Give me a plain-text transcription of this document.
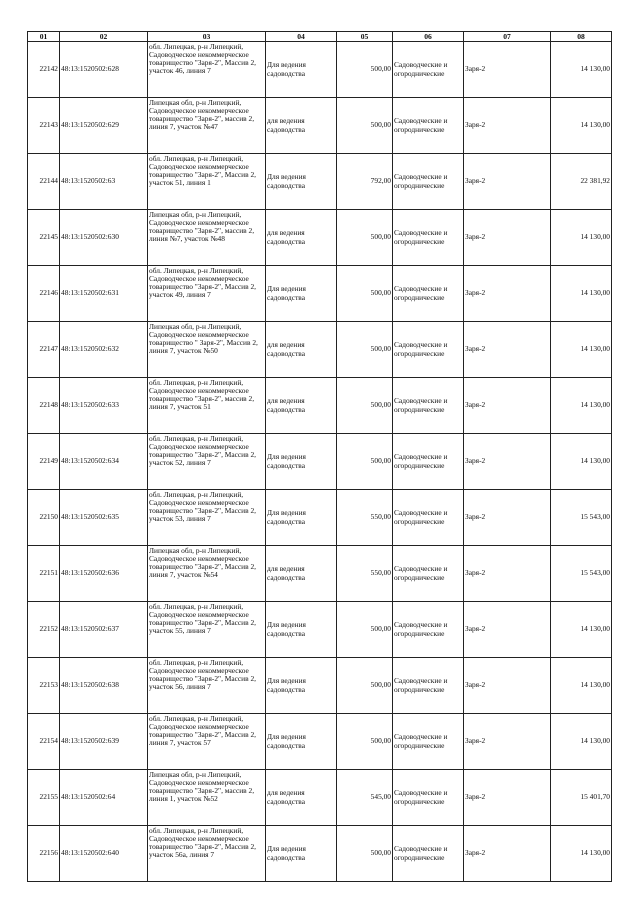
01	02	03	04	05	06	07	08
22142	48:13:1520502:628	обл. Липецкая, р-н Липецкий, Садоводческое некоммерческое товарищество "Заря-2", Массив 2, участок 46, линия 7	Для ведения садоводства	500,00	Садоводческие и огороднические	Заря-2	14 130,00
22143	48:13:1520502:629	Липецкая обл, р-н Липецкий, Садоводческое некоммерческое товарищество "Заря-2", массив 2, линия 7, участок №47	для ведения садоводства	500,00	Садоводческие и огороднические	Заря-2	14 130,00
22144	48:13:1520502:63	обл. Липецкая, р-н Липецкий, Садоводческое некоммерческое товарищество "Заря-2", Массив 2, участок 51, линия 1	Для ведения садоводства	792,00	Садоводческие и огороднические	Заря-2	22 381,92
22145	48:13:1520502:630	Липецкая обл, р-н Липецкий, Садоводческое некоммерческое товарищество "Заря-2", массив 2, линия №7, участок №48	для ведения садоводства	500,00	Садоводческие и огороднические	Заря-2	14 130,00
22146	48:13:1520502:631	обл. Липецкая, р-н Липецкий, Садоводческое некоммерческое товарищество "Заря-2", Массив 2, участок 49, линия 7	Для ведения садоводства	500,00	Садоводческие и огороднические	Заря-2	14 130,00
22147	48:13:1520502:632	Липецкая обл, р-н Липецкий, Садоводческое некоммерческое товарищество " Заря-2", Массив 2, линия 7, участок №50	для ведения садоводства	500,00	Садоводческие и огороднические	Заря-2	14 130,00
22148	48:13:1520502:633	обл. Липецкая, р-н Липецкий, Садоводческое некоммерческое товарищество "Заря-2", массив 2, линия 7, участок 51	для ведения садоводства	500,00	Садоводческие и огороднические	Заря-2	14 130,00
22149	48:13:1520502:634	обл. Липецкая, р-н Липецкий, Садоводческое некоммерческое товарищество "Заря-2", Массив 2, участок 52, линия 7	Для ведения садоводства	500,00	Садоводческие и огороднические	Заря-2	14 130,00
22150	48:13:1520502:635	обл. Липецкая, р-н Липецкий, Садоводческое некоммерческое товарищество "Заря-2", Массив 2, участок 53, линия 7	Для ведения садоводства	550,00	Садоводческие и огороднические	Заря-2	15 543,00
22151	48:13:1520502:636	Липецкая обл, р-н Липецкий, Садоводческое некоммерческое товарищество "Заря-2", Массив 2, линия 7, участок №54	для ведения садоводства	550,00	Садоводческие и огороднические	Заря-2	15 543,00
22152	48:13:1520502:637	обл. Липецкая, р-н Липецкий, Садоводческое некоммерческое товарищество "Заря-2", Массив 2, участок 55, линия 7	Для ведения садоводства	500,00	Садоводческие и огороднические	Заря-2	14 130,00
22153	48:13:1520502:638	обл. Липецкая, р-н Липецкий, Садоводческое некоммерческое товарищество "Заря-2", Массив 2, участок 56, линия 7	Для ведения садоводства	500,00	Садоводческие и огороднические	Заря-2	14 130,00
22154	48:13:1520502:639	обл. Липецкая, р-н Липецкий, Садоводческое некоммерческое товарищество "Заря-2", Массив 2, линия 7, участок 57	Для ведения садоводства	500,00	Садоводческие и огороднические	Заря-2	14 130,00
22155	48:13:1520502:64	Липецкая обл, р-н Липецкий, Садоводческое некоммерческое товарищество "Заря-2", массив 2, линия 1, участок №52	для ведения садоводства	545,00	Садоводческие и огороднические	Заря-2	15 401,70
22156	48:13:1520502:640	обл. Липецкая, р-н Липецкий, Садоводческое некоммерческое товарищество "Заря-2", Массив 2, участок 56а, линия 7	Для ведения садоводства	500,00	Садоводческие и огороднические	Заря-2	14 130,00
